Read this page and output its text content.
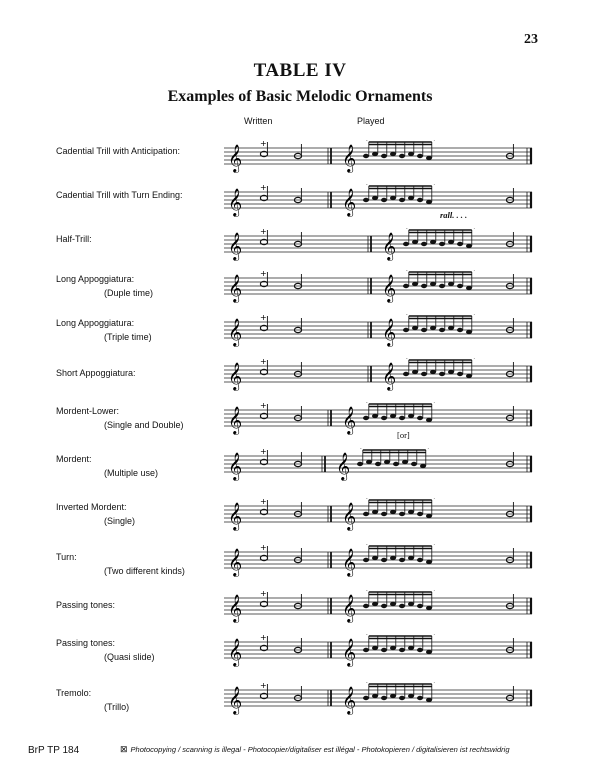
23
TABLE IV
Examples of Basic Melodic Ornaments
Written	Played
Cadential Trill with Anticipation: 𝄞	𝄞
+
Cadential Trill with Turn Ending: 𝄞	𝄞
+
Half-Trill:	𝄞	𝄞
+
Long Appoggiatura:
(Duple time)	𝄞	𝄞
+
Long Appoggiatura:
(Triple time)	𝄞	𝄞
+
Short Appoggiatura:	𝄞	𝄞
+
Mordent-Lower:
(Single and Double) 𝄞	𝄞
+
Mordent:
(Multiple use)	𝄞	𝄞
+
Inverted Mordent:
(Single)	𝄞	𝄞
+
Turn:
(Two different kinds) 𝄞	𝄞
+
Passing tones:	𝄞	𝄞
+
Passing tones:
(Quasi slide)	𝄞	𝄞
+
Tremolo:
(Trillo)	𝄞	𝄞
+
rall. . . .
[or]
BrP TP 184	⊠ Photocopying / scanning is illegal - Photocopier/digitaliser est illégal - Photokopieren / digitalisieren ist rechtswidrig
